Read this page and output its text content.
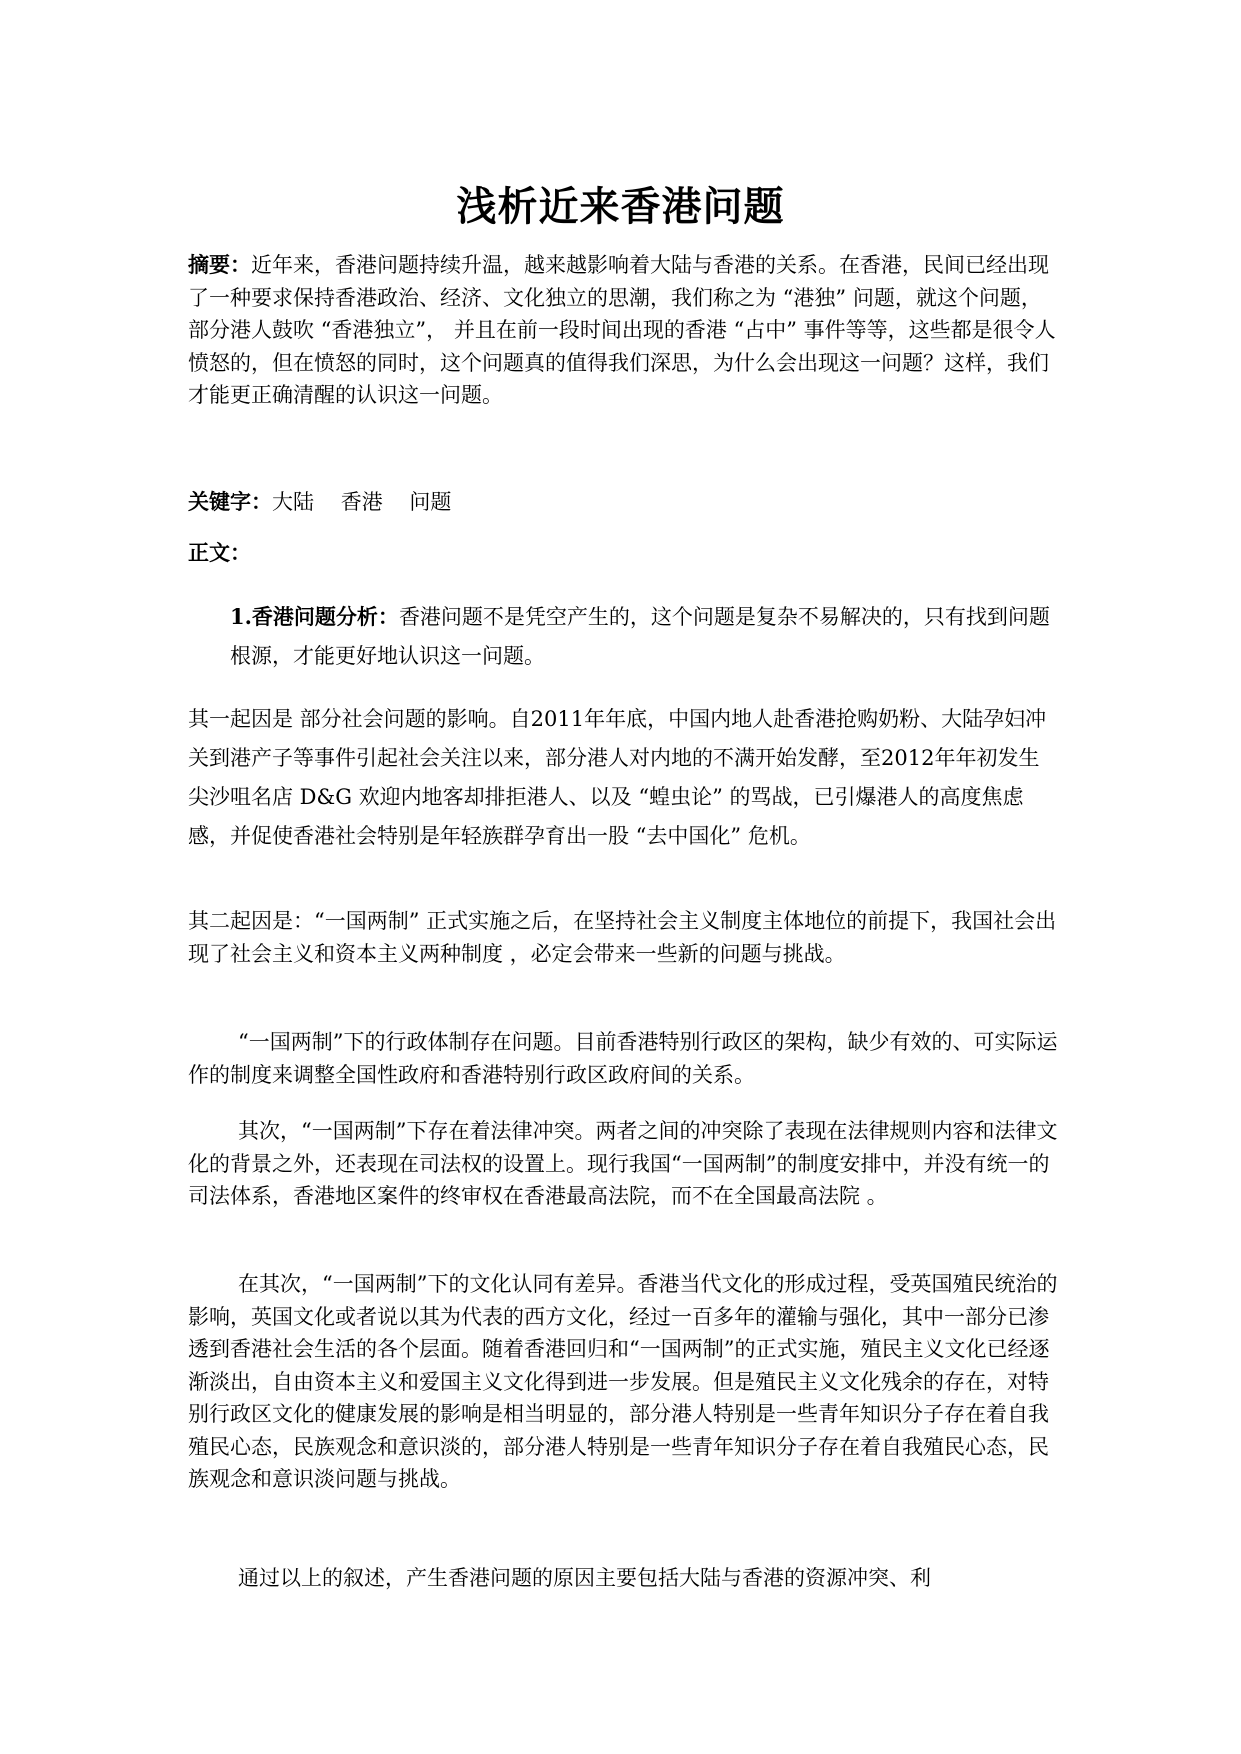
浅析近来香港问题

摘要：近年来，香港问题持续升温，越来越影响着大陆与香港的关系。在香港，民间已经出现了一种要求保持香港政治、经济、文化独立的思潮，我们称之为 “港独” 问题，就这个问题，部分港人鼓吹 “香港独立”， 并且在前一段时间出现的香港 “占中” 事件等等，这些都是很令人愤怒的，但在愤怒的同时，这个问题真的值得我们深思，为什么会出现这一问题？这样，我们才能更正确清醒的认识这一问题。

关键字：大陆    香港    问题

正文：

1.香港问题分析：香港问题不是凭空产生的，这个问题是复杂不易解决的，只有找到问题根源，才能更好地认识这一问题。

其一起因是 部分社会问题的影响。自2011年年底，中国内地人赴香港抢购奶粉、大陆孕妇冲关到港产子等事件引起社会关注以来，部分港人对内地的不满开始发酵，至2012年年初发生尖沙咀名店 D&G 欢迎内地客却排拒港人、以及 “蝗虫论” 的骂战，已引爆港人的高度焦虑感，并促使香港社会特别是年轻族群孕育出一股 “去中国化” 危机。

其二起因是：“一国两制” 正式实施之后，在坚持社会主义制度主体地位的前提下，我国社会出现了社会主义和资本主义两种制度 ，必定会带来一些新的问题与挑战。

“一国两制”下的行政体制存在问题。目前香港特别行政区的架构，缺少有效的、可实际运作的制度来调整全国性政府和香港特别行政区政府间的关系。

其次，“一国两制”下存在着法律冲突。两者之间的冲突除了表现在法律规则内容和法律文化的背景之外，还表现在司法权的设置上。现行我国“一国两制”的制度安排中，并没有统一的司法体系，香港地区案件的终审权在香港最高法院，而不在全国最高法院 。

在其次，“一国两制”下的文化认同有差异。香港当代文化的形成过程，受英国殖民统治的影响，英国文化或者说以其为代表的西方文化，经过一百多年的灌输与强化，其中一部分已渗透到香港社会生活的各个层面。随着香港回归和“一国两制”的正式实施，殖民主义文化已经逐渐淡出，自由资本主义和爱国主义文化得到进一步发展。但是殖民主义文化残余的存在，对特别行政区文化的健康发展的影响是相当明显的，部分港人特别是一些青年知识分子存在着自我殖民心态，民族观念和意识淡的，部分港人特别是一些青年知识分子存在着自我殖民心态，民族观念和意识淡问题与挑战。

通过以上的叙述，产生香港问题的原因主要包括大陆与香港的资源冲突、利
